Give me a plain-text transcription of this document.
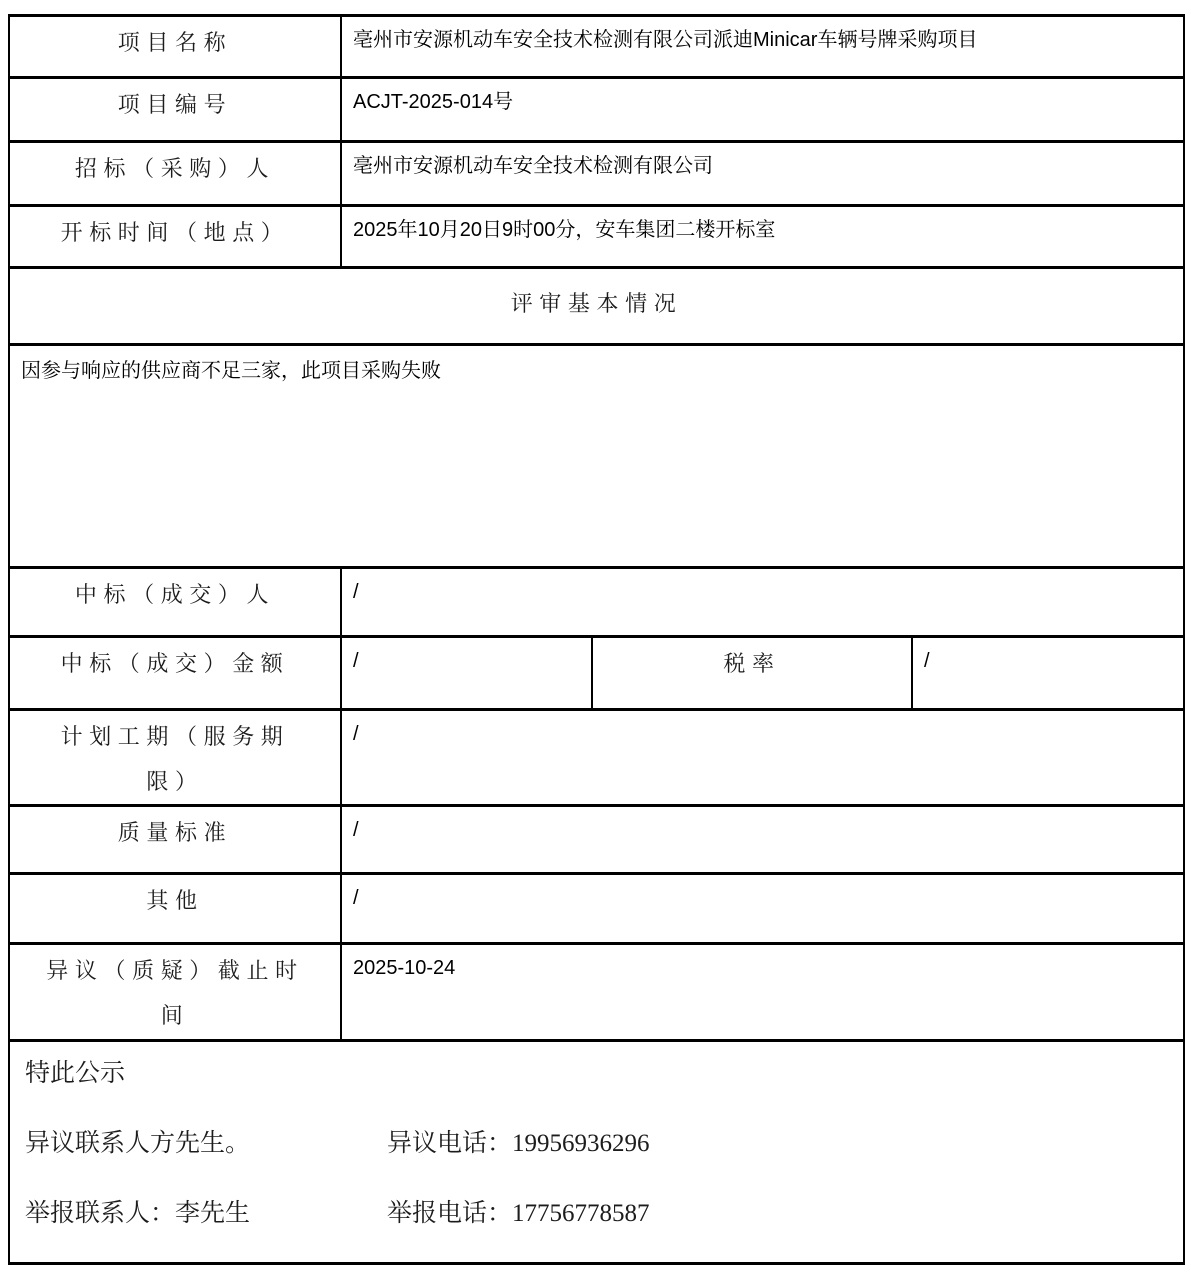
项目名称	亳州市安源机动车安全技术检测有限公司派迪Minicar车辆号牌采购项目		
项目编号	ACJT-2025-014号		
招标（采购）人	亳州市安源机动车安全技术检测有限公司		
开标时间（地点）	2025年10月20日9时00分，安车集团二楼开标室		
评审基本情况			
因参与响应的供应商不足三家，此项目采购失败			
中标（成交）人	/		
中标（成交）金额	/	税率	/
计划工期（服务期限）	/		
质量标准	/		
其他	/		
异议（质疑）截止时间	2025-10-24		

特此公示
异议联系人方先生。 异议电话：19956936296
举报联系人：李先生 举报电话：17756778587			
